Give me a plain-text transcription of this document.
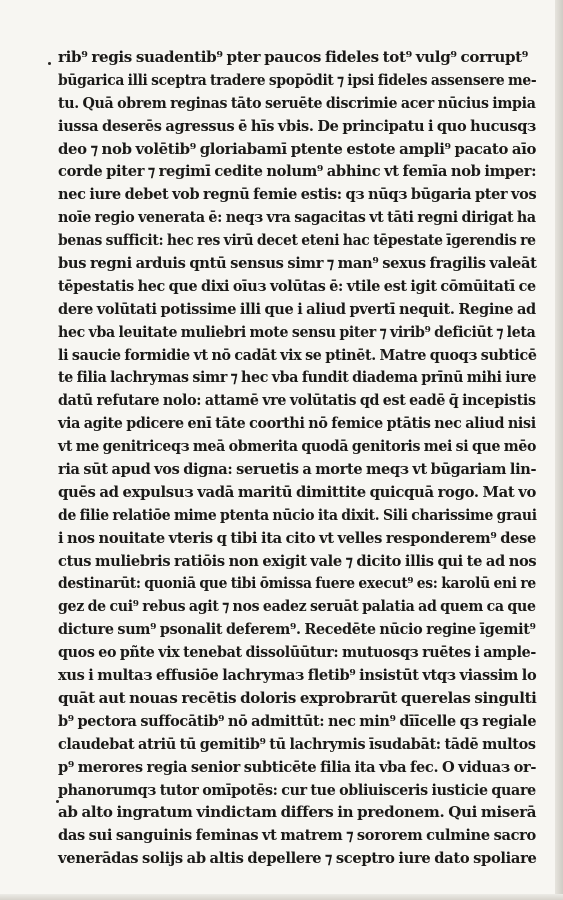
rib⁹ regis suadentib⁹ pter paucos fideles tot⁹ vulg⁹ corrupt⁹
būgarica illi sceptra tradere spopōdit ⁊ ipsi fideles assensere me-
tu. Quā obrem reginas tāto seruēte discrimie acer nūcius impia
iussa deserēs agressus ē hīs vbis. De principatu i quo hucusqз
deo ⁊ nob volētib⁹ gloriabamī ptente estote ampli⁹ pacato aīo
corde piter ⁊ regimī cedite nolum⁹ abhinc vt femīa nob imper:
nec iure debet vob regnū femie estis: qз nūqз būgaria pter vos
noīe regio venerata ē: neqз vra sagacitas vt tāti regni dirigat ha
benas sufficit: hec res virū decet eteni hac tēpestate īgerendis re
bus regni arduis qntū sensus simr ⁊ man⁹ sexus fragilis valeāt
tēpestatis hec que dixi oīuз volūtas ē: vtile est igit cōmūitatī ce
dere volūtati potissime illi que i aliud pvertī nequit. Regine ad
hec vba leuitate muliebri mote sensu piter ⁊ virib⁹ deficiūt ⁊ leta
li saucie formidie vt nō cadāt vix se ptinēt. Matre quoqз subticē
te filia lachrymas simr ⁊ hec vba fundit diadema prīnū mihi iure
datū refutare nolo: attamē vre volūtatis qd est eadē q̄ incepistis
via agite pdicere enī tāte coorthi nō femice ptātis nec aliud nisi
vt me genitriceqз meā obmerita quodā genitoris mei si que mēo
ria sūt apud vos digna: seruetis a morte meqз vt būgariam lin-
quēs ad expulsuз vadā maritū dimittite quicquā rogo. Mat vo
de filie relatiōe mime ptenta nūcio ita dixit. Sili charissime graui
i nos nouitate vteris q tibi ita cito vt velles responderem⁹ dese
ctus muliebris ratiōis non exigit vale ⁊ dicito illis qui te ad nos
destinarūt: quoniā que tibi ōmissa fuere execut⁹ es: karolū eni re
gez de cui⁹ rebus agit ⁊ nos eadez seruāt palatia ad quem ca que
dicture sum⁹ psonalit deferem⁹. Recedēte nūcio regine īgemit⁹
quos eo pñte vix tenebat dissolūūtur: mutuosqз ruētes i ample-
xus i multaз effusiōe lachrymaз fletib⁹ insistūt vtqз viassim lo
quāt aut nouas recētis doloris exprobrarūt querelas singulti
b⁹ pectora suffocātib⁹ nō admittūt: nec min⁹ dīīcelle qз regiale
claudebat atriū tū gemitib⁹ tū lachrymis īsudabāt: tādē multos
p⁹ merores regia senior subticēte filia ita vba fec. O viduaз or-
phanorumqз tutor omīpotēs: cur tue obliuisceris iusticie quare
ab alto ingratum vindictam differs in predonem. Qui miserā
das sui sanguinis feminas vt matrem ⁊ sororem culmine sacro
venerādas solijs ab altis depellere ⁊ sceptro iure dato spoliare
